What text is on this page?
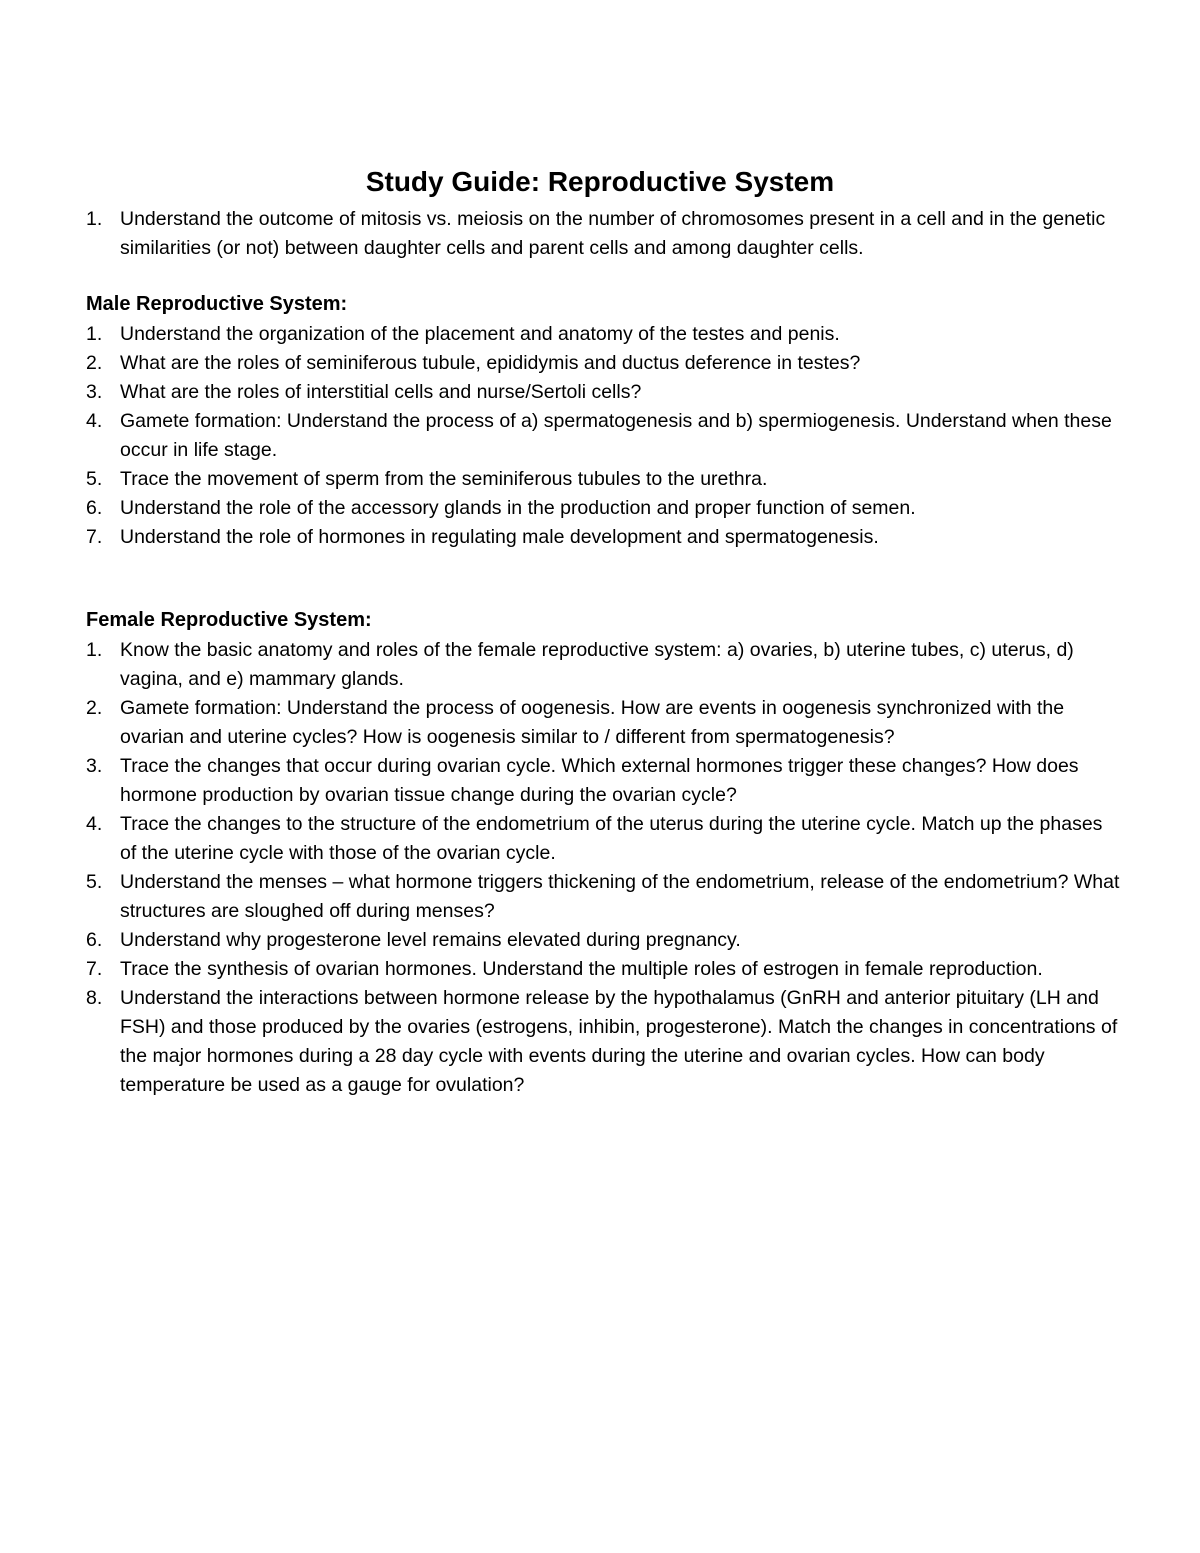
Study Guide: Reproductive System
1. Understand the outcome of mitosis vs. meiosis on the number of chromosomes present in a cell and in the genetic similarities (or not) between daughter cells and parent cells and among daughter cells.
Male Reproductive System:
1. Understand the organization of the placement and anatomy of the testes and penis.
2. What are the roles of seminiferous tubule, epididymis and ductus deference in testes?
3. What are the roles of interstitial cells and nurse/Sertoli cells?
4. Gamete formation: Understand the process of a) spermatogenesis and b) spermiogenesis. Understand when these occur in life stage.
5. Trace the movement of sperm from the seminiferous tubules to the urethra.
6. Understand the role of the accessory glands in the production and proper function of semen.
7. Understand the role of hormones in regulating male development and spermatogenesis.
Female Reproductive System:
1. Know the basic anatomy and roles of the female reproductive system: a) ovaries, b) uterine tubes, c) uterus, d) vagina, and e) mammary glands.
2. Gamete formation: Understand the process of oogenesis. How are events in oogenesis synchronized with the ovarian and uterine cycles? How is oogenesis similar to / different from spermatogenesis?
3. Trace the changes that occur during ovarian cycle. Which external hormones trigger these changes? How does hormone production by ovarian tissue change during the ovarian cycle?
4. Trace the changes to the structure of the endometrium of the uterus during the uterine cycle. Match up the phases of the uterine cycle with those of the ovarian cycle.
5. Understand the menses – what hormone triggers thickening of the endometrium, release of the endometrium? What structures are sloughed off during menses?
6. Understand why progesterone level remains elevated during pregnancy.
7. Trace the synthesis of ovarian hormones. Understand the multiple roles of estrogen in female reproduction.
8. Understand the interactions between hormone release by the hypothalamus (GnRH and anterior pituitary (LH and FSH) and those produced by the ovaries (estrogens, inhibin, progesterone). Match the changes in concentrations of the major hormones during a 28 day cycle with events during the uterine and ovarian cycles. How can body temperature be used as a gauge for ovulation?
